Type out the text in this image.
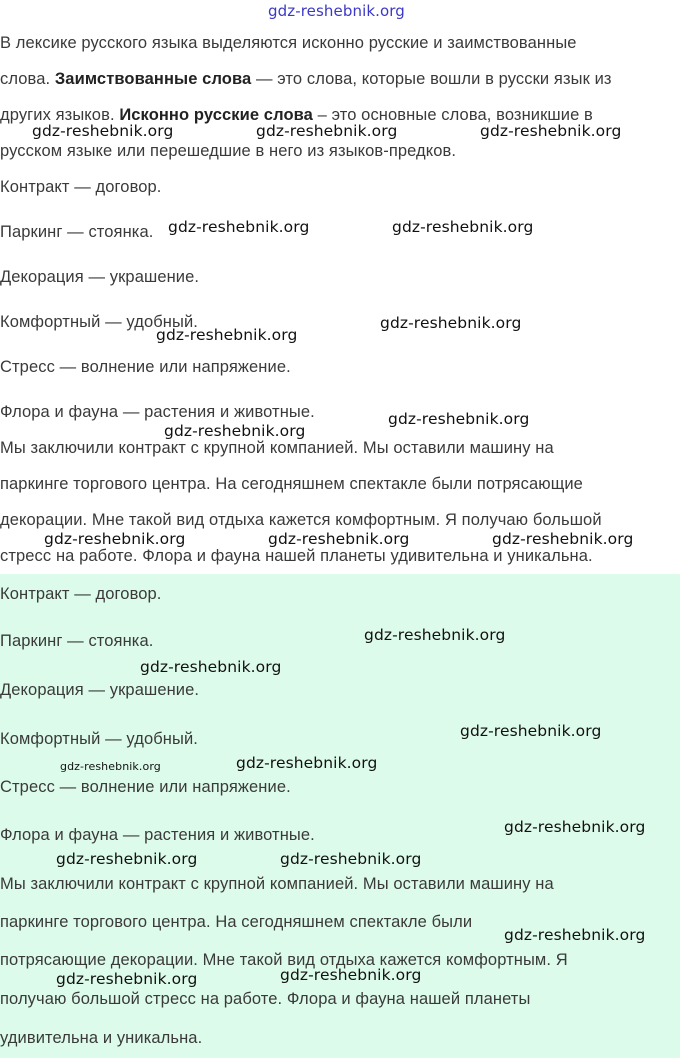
gdz-reshebnik.org
В лексике русского языка выделяются исконно русские и заимствованные
слова. Заимствованные слова — это слова, которые вошли в русски язык из
других языков. Исконно русские слова – это основные слова, возникшие в
русском языке или перешедшие в него из языков-предков.
Контракт — договор.
Паркинг — стоянка.
Декорация — украшение.
Комфортный — удобный.
Стресс — волнение или напряжение.
Флора и фауна — растения и животные.
Мы заключили контракт с крупной компанией. Мы оставили машину на
паркинге торгового центра. На сегодняшнем спектакле были потрясающие
декорации. Мне такой вид отдыха кажется комфортным. Я получаю большой
стресс на работе. Флора и фауна нашей планеты удивительна и уникальна.
Контракт — договор.
Паркинг — стоянка.
Декорация — украшение.
Комфортный — удобный.
Стресс — волнение или напряжение.
Флора и фауна — растения и животные.
Мы заключили контракт с крупной компанией. Мы оставили машину на
паркинге торгового центра. На сегодняшнем спектакле были
потрясающие декорации. Мне такой вид отдыха кажется комфортным. Я
получаю большой стресс на работе. Флора и фауна нашей планеты
удивительна и уникальна.
gdz-reshebnik.org	gdz-reshebnik.org	gdz-reshebnik.org
gdz-reshebnik.org	gdz-reshebnik.org
gdz-reshebnik.org
gdz-reshebnik.org
gdz-reshebnik.org
gdz-reshebnik.org
gdz-reshebnik.org	gdz-reshebnik.org	gdz-reshebnik.org
gdz-reshebnik.org
gdz-reshebnik.org
gdz-reshebnik.org
gdz-reshebnik.org	gdz-reshebnik.org
gdz-reshebnik.org
gdz-reshebnik.org	gdz-reshebnik.org
gdz-reshebnik.org
gdz-reshebnik.org	gdz-reshebnik.org
